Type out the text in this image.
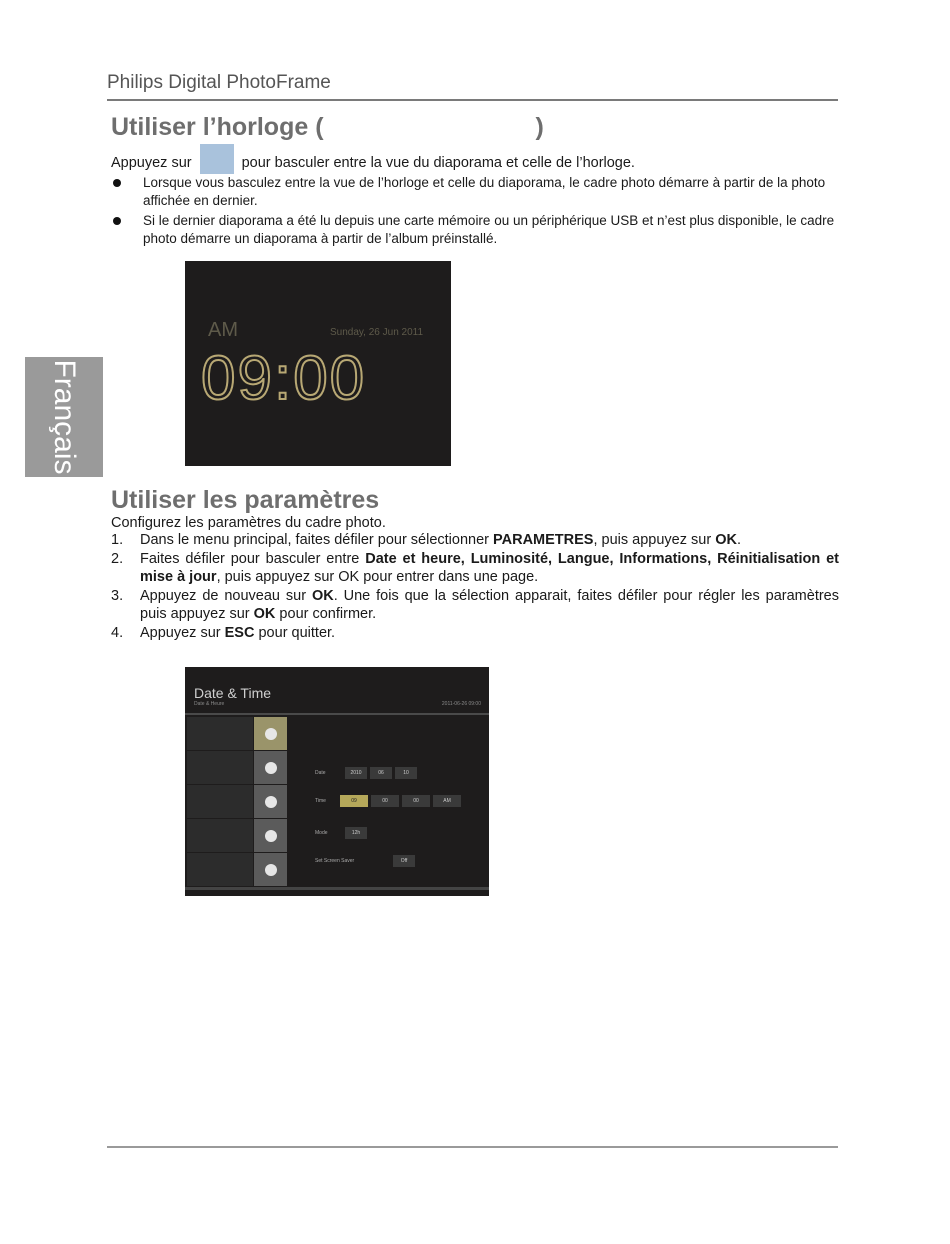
Philips Digital PhotoFrame
Français
Utiliser l’horloge (	)
Appuyez sur	pour basculer entre la vue du diaporama et celle de l’horloge.
Lorsque vous basculez entre la vue de l’horloge et celle du diaporama, le cadre photo démarre à partir de la photo affichée en dernier.
Si le dernier diaporama a été lu depuis une carte mémoire ou un périphérique USB et n’est plus disponible, le cadre photo démarre un diaporama à partir de l’album préinstallé.
AM	Sunday, 26 Jun 2011
09:00
Utiliser les paramètres
Configurez les paramètres du cadre photo.
1. Dans le menu principal, faites défiler pour sélectionner PARAMETRES, puis appuyez sur OK.
2. Faites défiler pour basculer entre Date et heure, Luminosité, Langue, Informations, Réinitialisation et mise à jour, puis appuyez sur OK pour entrer dans une page.
3. Appuyez de nouveau sur OK. Une fois que la sélection apparait, faites défiler pour régler les paramètres puis appuyez sur OK pour confirmer.
4. Appuyez sur ESC pour quitter.
Date & Time
Date & Heure	2011-06-26 09:00
Date	2010	06	10
Time	09	00	00	AM
Mode	12h
Set Screen Saver	Off
